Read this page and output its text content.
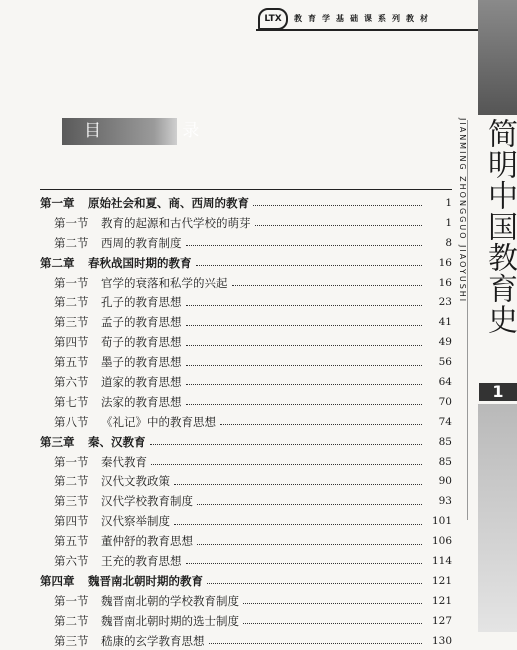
LTX	教育学基础课系列教材
JIANMING ZHONGGUO JIAOYUSHI 简明中国教育史
1
目 录
第一章	原始社会和夏、商、西周的教育	1
第一节	教育的起源和古代学校的萌芽	1
第二节	西周的教育制度	8
第二章	春秋战国时期的教育	16
第一节	官学的衰落和私学的兴起	16
第二节	孔子的教育思想	23
第三节	孟子的教育思想	41
第四节	荀子的教育思想	49
第五节	墨子的教育思想	56
第六节	道家的教育思想	64
第七节	法家的教育思想	70
第八节	《礼记》中的教育思想	74
第三章	秦、汉教育	85
第一节	秦代教育	85
第二节	汉代文教政策	90
第三节	汉代学校教育制度	93
第四节	汉代察举制度	101
第五节	董仲舒的教育思想	106
第六节	王充的教育思想	114
第四章	魏晋南北朝时期的教育	121
第一节	魏晋南北朝的学校教育制度	121
第二节	魏晋南北朝时期的选士制度	127
第三节	嵇康的玄学教育思想	130
